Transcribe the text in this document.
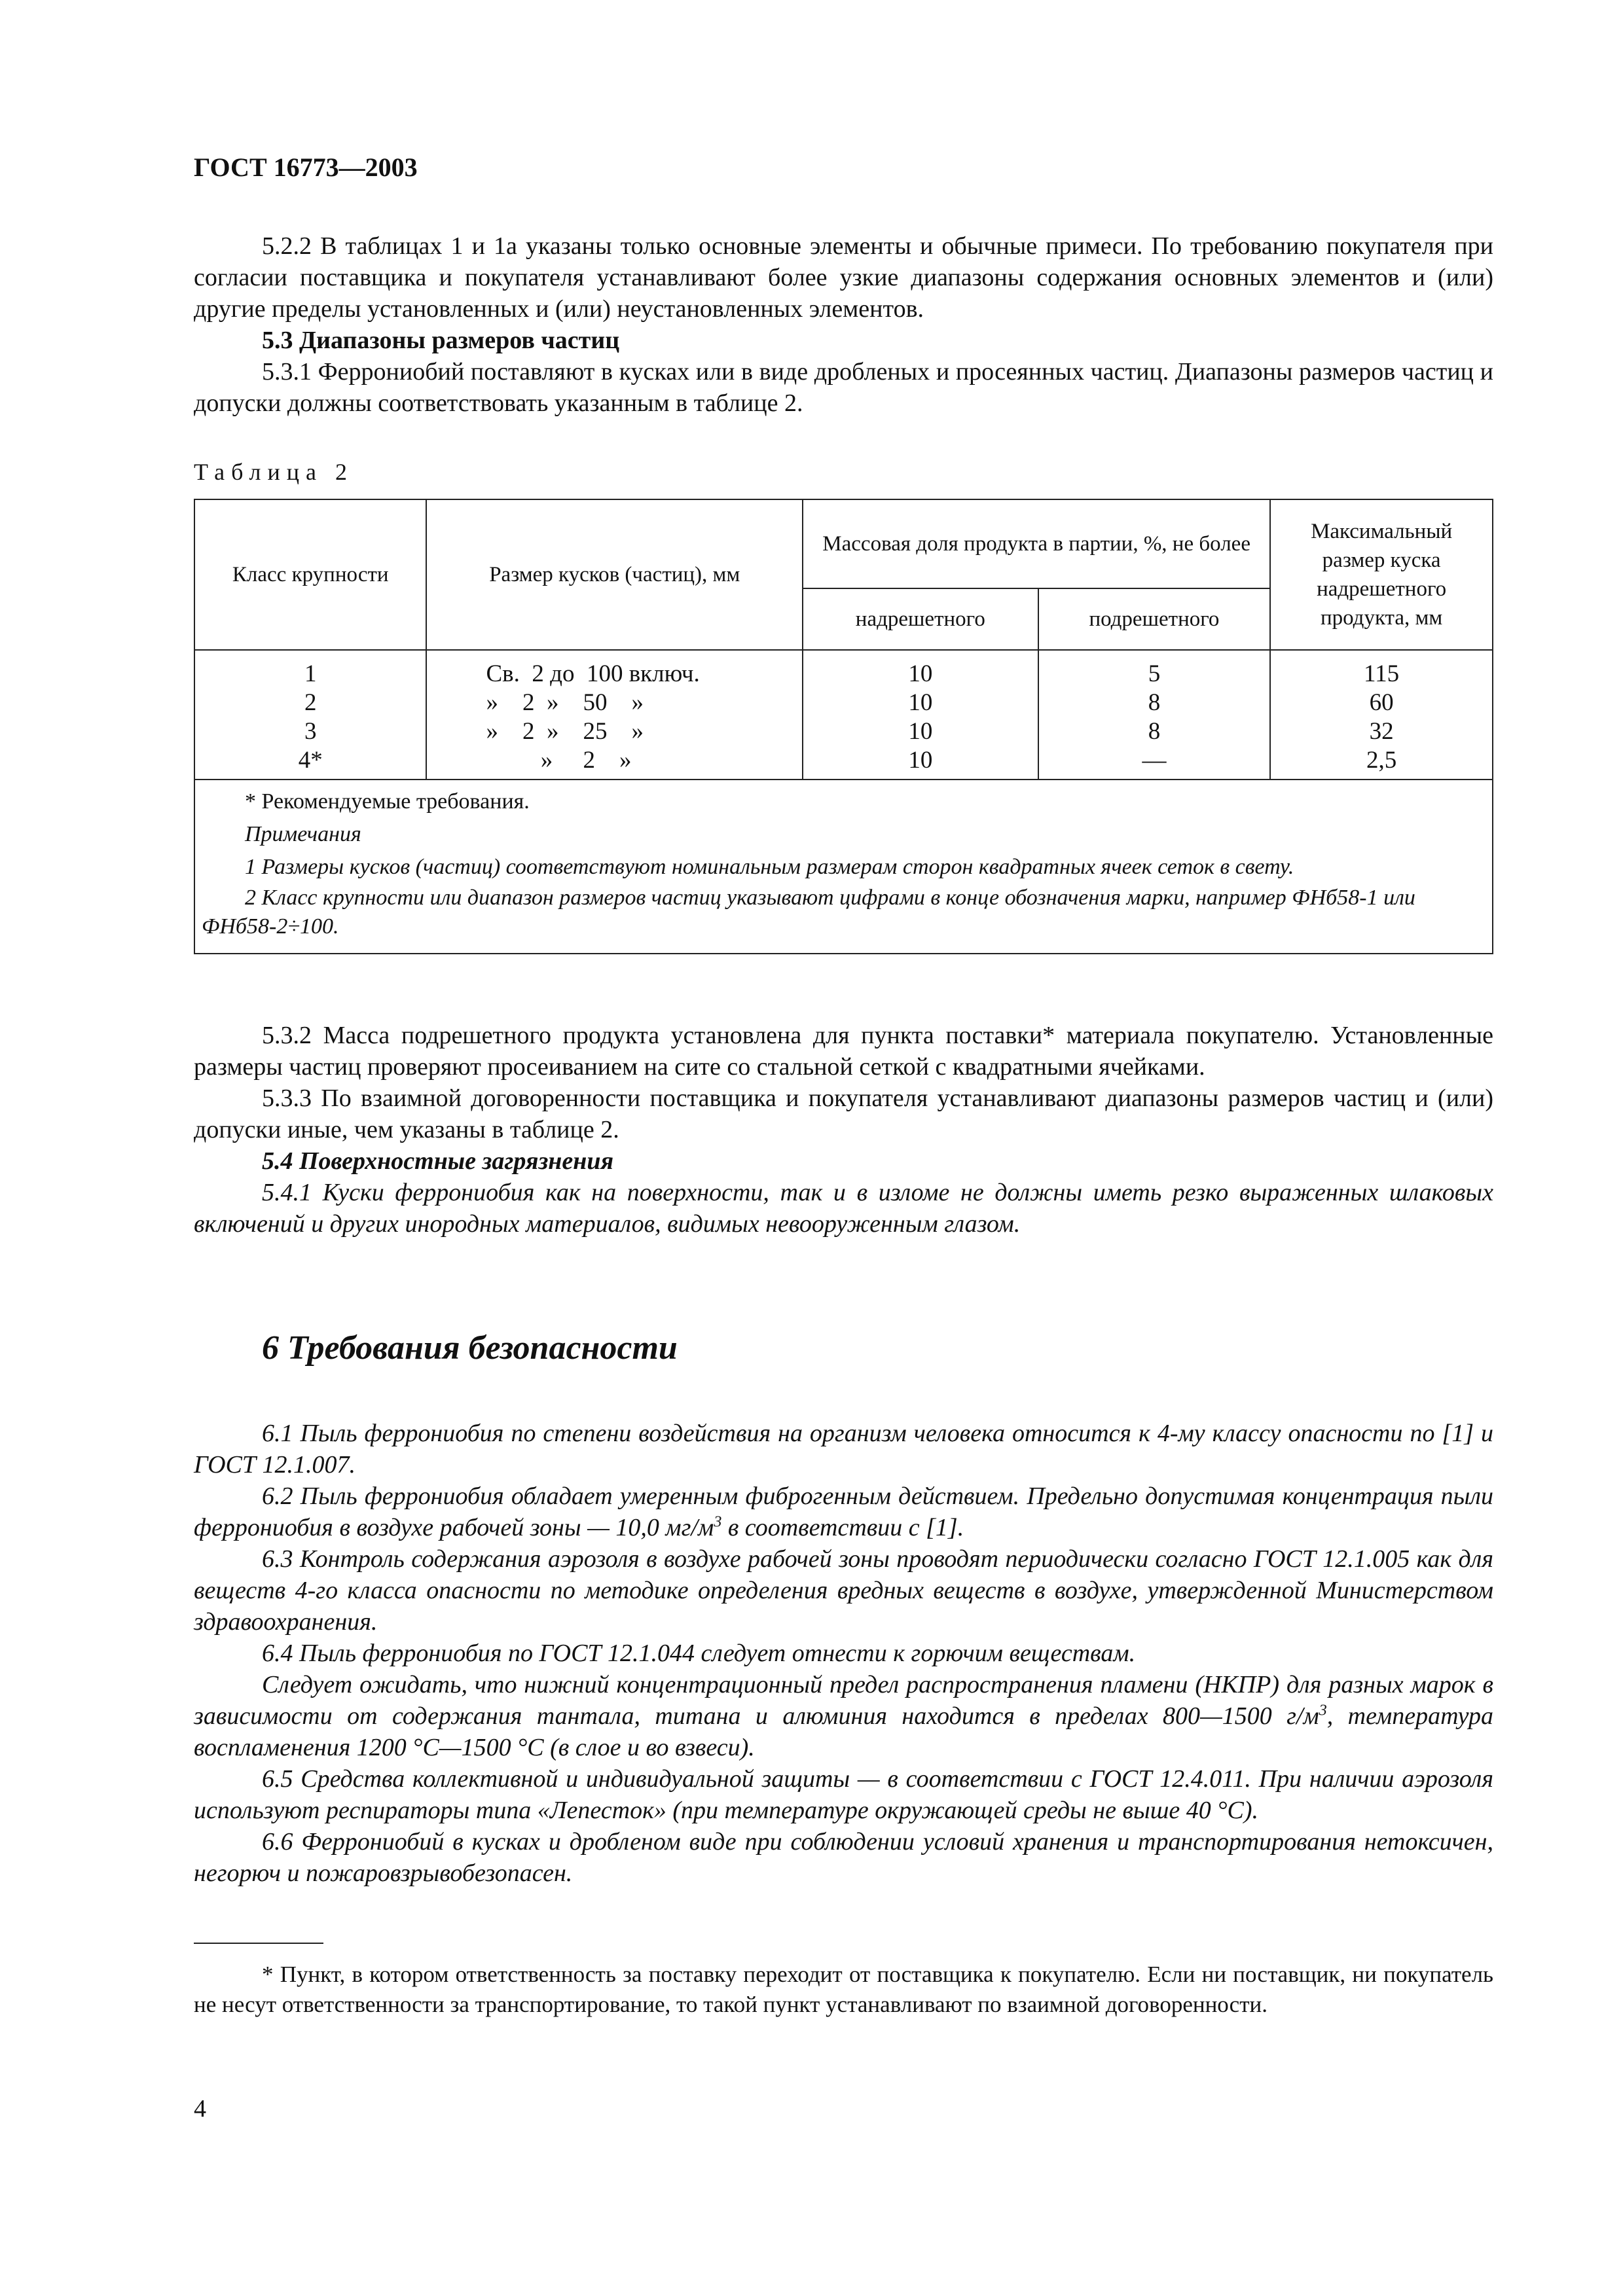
ГОСТ 16773—2003

5.2.2 В таблицах 1 и 1а указаны только основные элементы и обычные примеси. По требованию покупателя при согласии поставщика и покупателя устанавливают более узкие диапазоны содержания основных элементов и (или) другие пределы установленных и (или) неустановленных элементов.

5.3 Диапазоны размеров частиц

5.3.1 Феррониобий поставляют в кусках или в виде дробленых и просеянных частиц. Диапазоны размеров частиц и допуски должны соответствовать указанным в таблице 2.

Таблица 2
Класс крупности	Размер кусков (частиц), мм	Массовая доля продукта в партии, %, не более		Максимальный размер куска надрешетного продукта, мм
		надрешетного	подрешетного	
1	Св.  2 до  100 включ.	10	5	115
2	»    2  »    50    »	10	8	60
3	»    2  »    25    »	10	8	32
4*	»     2    »	10	—	2,5

* Рекомендуемые требования.
Примечания
1 Размеры кусков (частиц) соответствуют номинальным размерам сторон квадратных ячеек сеток в свету.
2 Класс крупности или диапазон размеров частиц указывают цифрами в конце обозначения марки, например ФНб58-1 или ФНб58-2÷100.				

5.3.2 Масса подрешетного продукта установлена для пункта поставки* материала покупателю. Установленные размеры частиц проверяют просеиванием на сите со стальной сеткой с квадратными ячейками.

5.3.3 По взаимной договоренности поставщика и покупателя устанавливают диапазоны размеров частиц и (или) допуски иные, чем указаны в таблице 2.

5.4 Поверхностные загрязнения

5.4.1 Куски феррониобия как на поверхности, так и в изломе не должны иметь резко выраженных шлаковых включений и других инородных материалов, видимых невооруженным глазом.

6 Требования безопасности

6.1 Пыль феррониобия по степени воздействия на организм человека относится к 4-му классу опасности по [1] и ГОСТ 12.1.007.

6.2 Пыль феррониобия обладает умеренным фиброгенным действием. Предельно допустимая концентрация пыли феррониобия в воздухе рабочей зоны — 10,0 $мг/м^3$ в соответствии с [1].

6.3 Контроль содержания аэрозоля в воздухе рабочей зоны проводят периодически согласно ГОСТ 12.1.005 как для веществ 4-го класса опасности по методике определения вредных веществ в воздухе, утвержденной Министерством здравоохранения.

6.4 Пыль феррониобия по ГОСТ 12.1.044 следует отнести к горючим веществам.

Следует ожидать, что нижний концентрационный предел распространения пламени (НКПР) для разных марок в зависимости от содержания тантала, титана и алюминия находится в пределах 800—1500 $г/м^3$, температура воспламенения 1200 °С—1500 °С (в слое и во взвеси).

6.5 Средства коллективной и индивидуальной защиты — в соответствии с ГОСТ 12.4.011. При наличии аэрозоля используют респираторы типа «Лепесток» (при температуре окружающей среды не выше 40 °С).

6.6 Феррониобий в кусках и дробленом виде при соблюдении условий хранения и транспортирования нетоксичен, негорюч и пожаровзрывобезопасен.

* Пункт, в котором ответственность за поставку переходит от поставщика к покупателю. Если ни поставщик, ни покупатель не несут ответственности за транспортирование, то такой пункт устанавливают по взаимной договоренности.
4
